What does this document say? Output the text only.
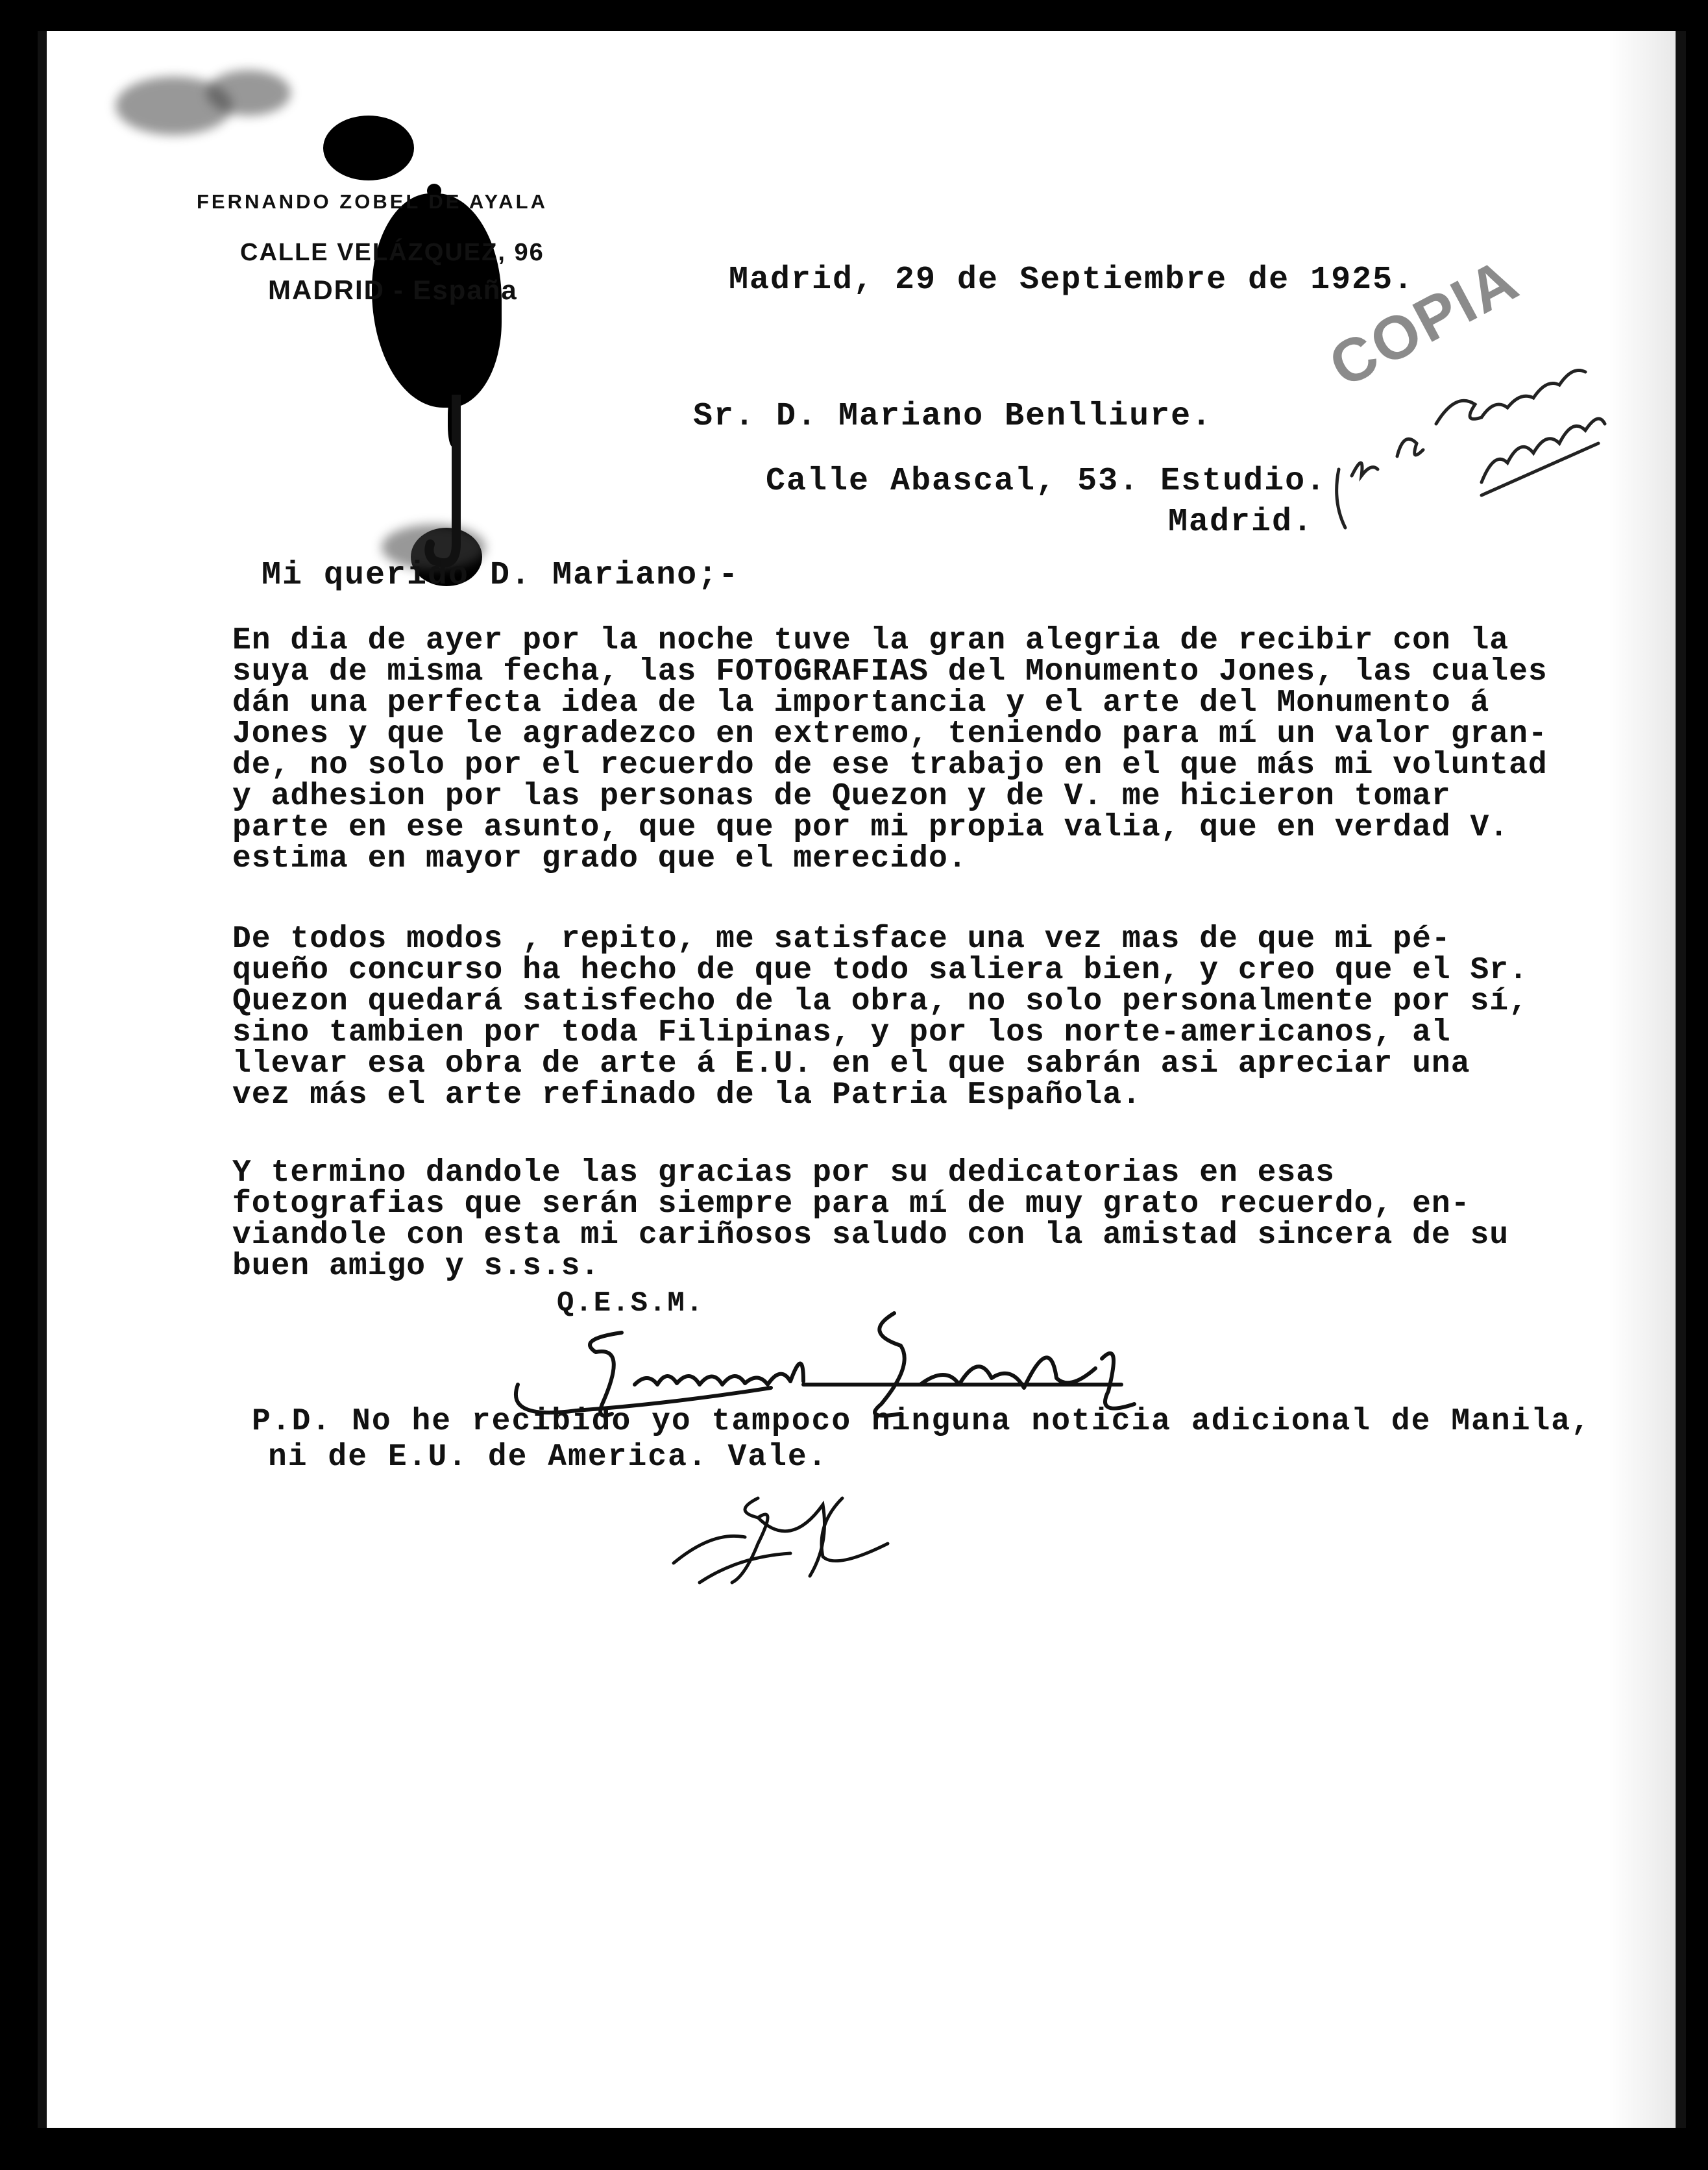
FERNANDO ZOBEL DE AYALA
CALLE VELÁZQUEZ, 96
MADRID - España	COPIA
Madrid, 29 de Septiembre de 1925.
Sr. D. Mariano Benlliure.
Calle Abascal, 53. Estudio.
Madrid.
Mi querido D. Mariano;-
En dia de ayer por la noche tuve la gran alegria de recibir con la
suya de misma fecha, las FOTOGRAFIAS del Monumento Jones, las cuales
dán una perfecta idea de la importancia y el arte del Monumento á
Jones y que le agradezco en extremo, teniendo para mí un valor gran-
de, no solo por el recuerdo de ese trabajo en el que más mi voluntad
y adhesion por las personas de Quezon y de V. me hicieron tomar
parte en ese asunto, que que por mi propia valia, que en verdad V.
estima en mayor grado que el merecido.
De todos modos , repito, me satisface una vez mas de que mi pé-
queño concurso ha hecho de que todo saliera bien, y creo que el Sr.
Quezon quedará satisfecho de la obra, no solo personalmente por sí,
sino tambien por toda Filipinas, y por los norte-americanos, al
llevar esa obra de arte á E.U. en el que sabrán asi apreciar una
vez más el arte refinado de la Patria Española.
Y termino dandole las gracias por su dedicatorias en esas
fotografias que serán siempre para mí de muy grato recuerdo, en-
viandole con esta mi cariñosos saludo con la amistad sincera de su
buen amigo y s.s.s.
Q.E.S.M.
P.D. No he recibido yo tampoco ninguna noticia adicional de Manila,
ni de E.U. de America. Vale.
